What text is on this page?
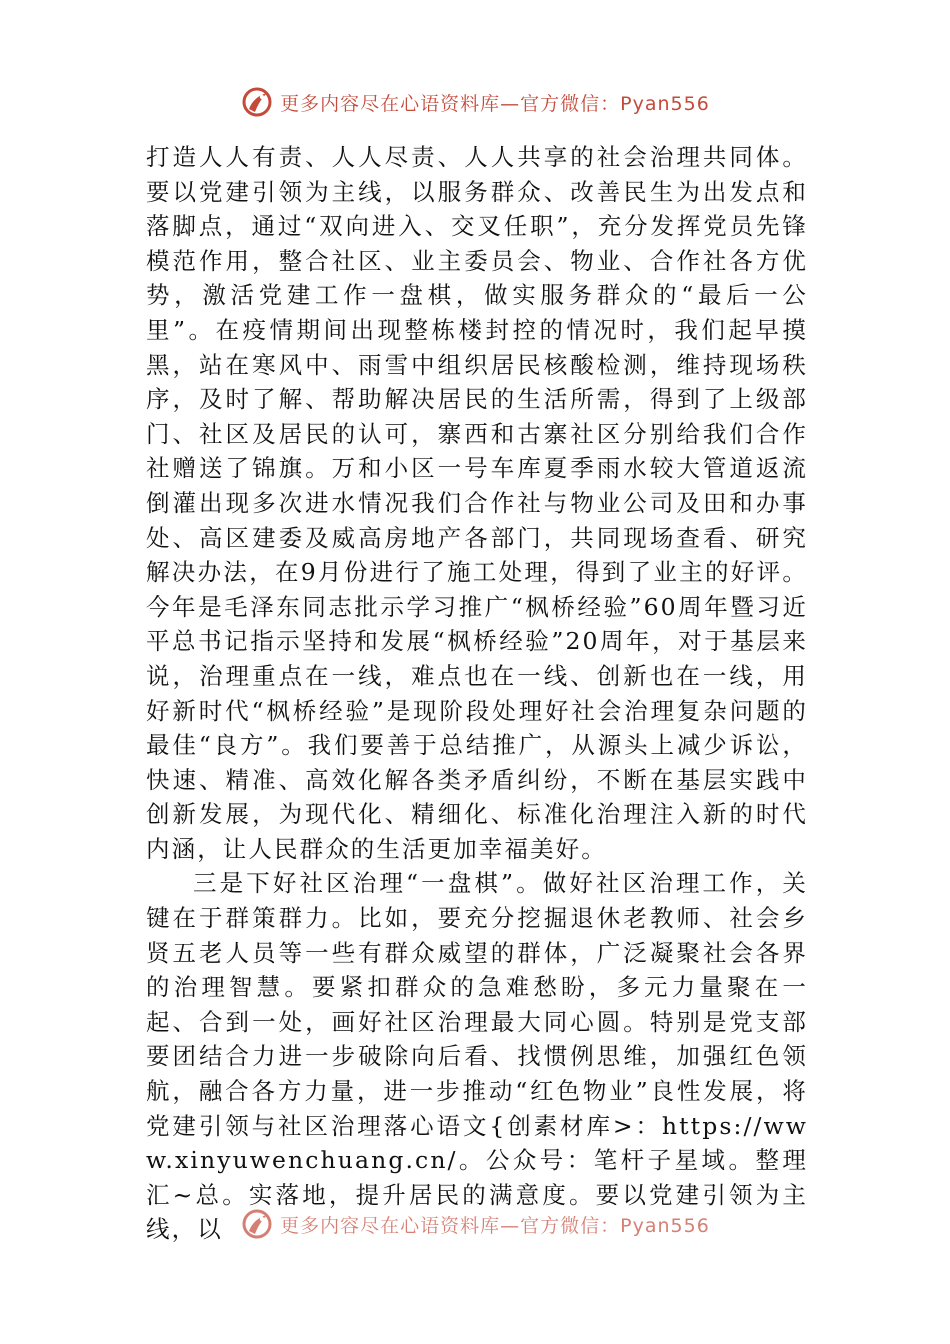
更多内容尽在心语资料库—官方微信：Pyan556

打造人人有责、人人尽责、人人共享的社会治理共同体。要以党建引领为主线，以服务群众、改善民生为出发点和落脚点，通过“双向进入、交叉任职”，充分发挥党员先锋模范作用，整合社区、业主委员会、物业、合作社各方优势，激活党建工作一盘棋，做实服务群众的“最后一公里”。在疫情期间出现整栋楼封控的情况时，我们起早摸黑，站在寒风中、雨雪中组织居民核酸检测，维持现场秩序，及时了解、帮助解决居民的生活所需，得到了上级部门、社区及居民的认可，寨西和古寨社区分别给我们合作社赠送了锦旗。万和小区一号车库夏季雨水较大管道返流倒灌出现多次进水情况我们合作社与物业公司及田和办事处、高区建委及威高房地产各部门，共同现场查看、研究解决办法，在9月份进行了施工处理，得到了业主的好评。今年是毛泽东同志批示学习推广“枫桥经验”60周年暨习近平总书记指示坚持和发展“枫桥经验”20周年，对于基层来说，治理重点在一线，难点也在一线、创新也在一线，用好新时代“枫桥经验”是现阶段处理好社会治理复杂问题的最佳“良方”。我们要善于总结推广，从源头上减少诉讼，快速、精准、高效化解各类矛盾纠纷，不断在基层实践中创新发展，为现代化、精细化、标准化治理注入新的时代内涵，让人民群众的生活更加幸福美好。

三是下好社区治理“一盘棋”。做好社区治理工作，关键在于群策群力。比如，要充分挖掘退休老教师、社会乡贤五老人员等一些有群众威望的群体，广泛凝聚社会各界的治理智慧。要紧扣群众的急难愁盼，多元力量聚在一起、合到一处，画好社区治理最大同心圆。特别是党支部要团结合力进一步破除向后看、找惯例思维，加强红色领航，融合各方力量，进一步推动“红色物业”良性发展，将党建引领与社区治理落心语文{创素材库>：https://www.xinyuwenchuang.cn/。公众号：笔杆子星域。整理汇~总。实落地，提升居民的满意度。要以党建引领为主线，以	更多内容尽在心语资料库—官方微信：Pyan556
